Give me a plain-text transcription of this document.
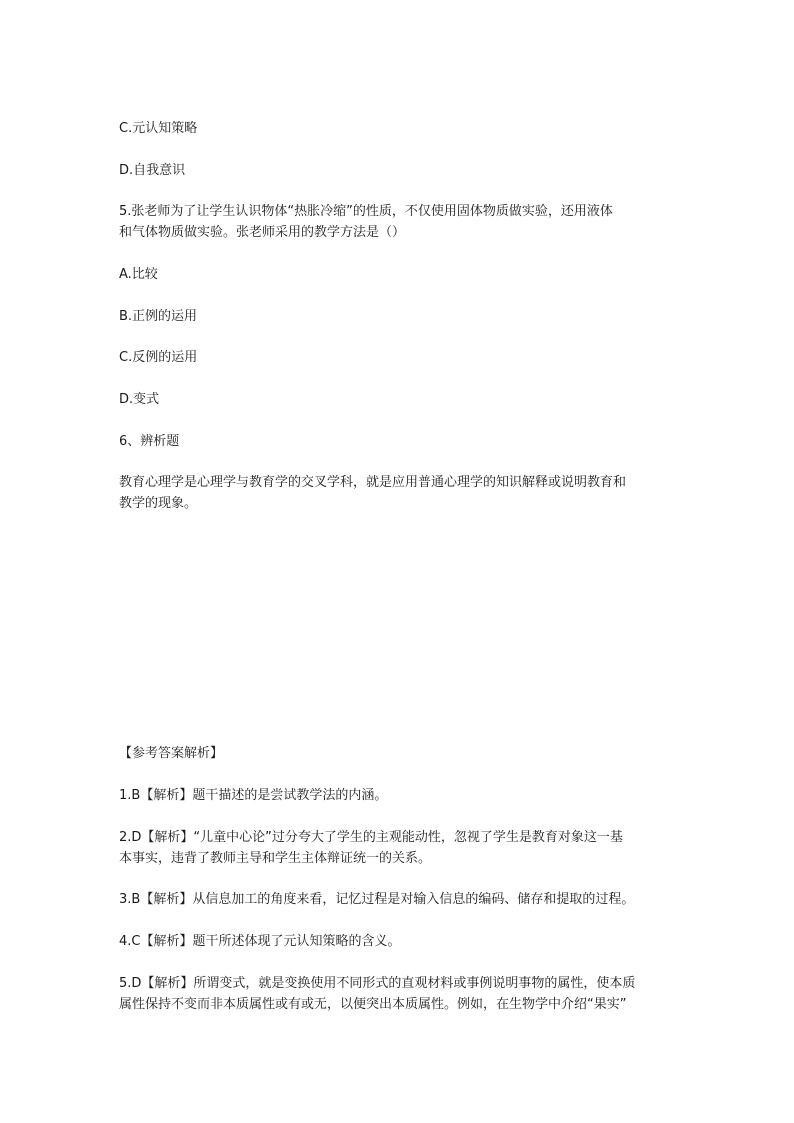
C.元认知策略
D.自我意识
5.张老师为了让学生认识物体“热胀冷缩”的性质，不仅使用固体物质做实验，还用液体
和气体物质做实验。张老师采用的教学方法是（）
A.比较
B.正例的运用
C.反例的运用
D.变式
6、辨析题
教育心理学是心理学与教育学的交叉学科，就是应用普通心理学的知识解释或说明教育和
教学的现象。
【参考答案解析】
1.B【解析】题干描述的是尝试教学法的内涵。
2.D【解析】“儿童中心论”过分夸大了学生的主观能动性，忽视了学生是教育对象这一基
本事实，违背了教师主导和学生主体辩证统一的关系。
3.B【解析】从信息加工的角度来看，记忆过程是对输入信息的编码、储存和提取的过程。
4.C【解析】题干所述体现了元认知策略的含义。
5.D【解析】所谓变式，就是变换使用不同形式的直观材料或事例说明事物的属性，使本质
属性保持不变而非本质属性或有或无，以便突出本质属性。例如，在生物学中介绍“果实”
